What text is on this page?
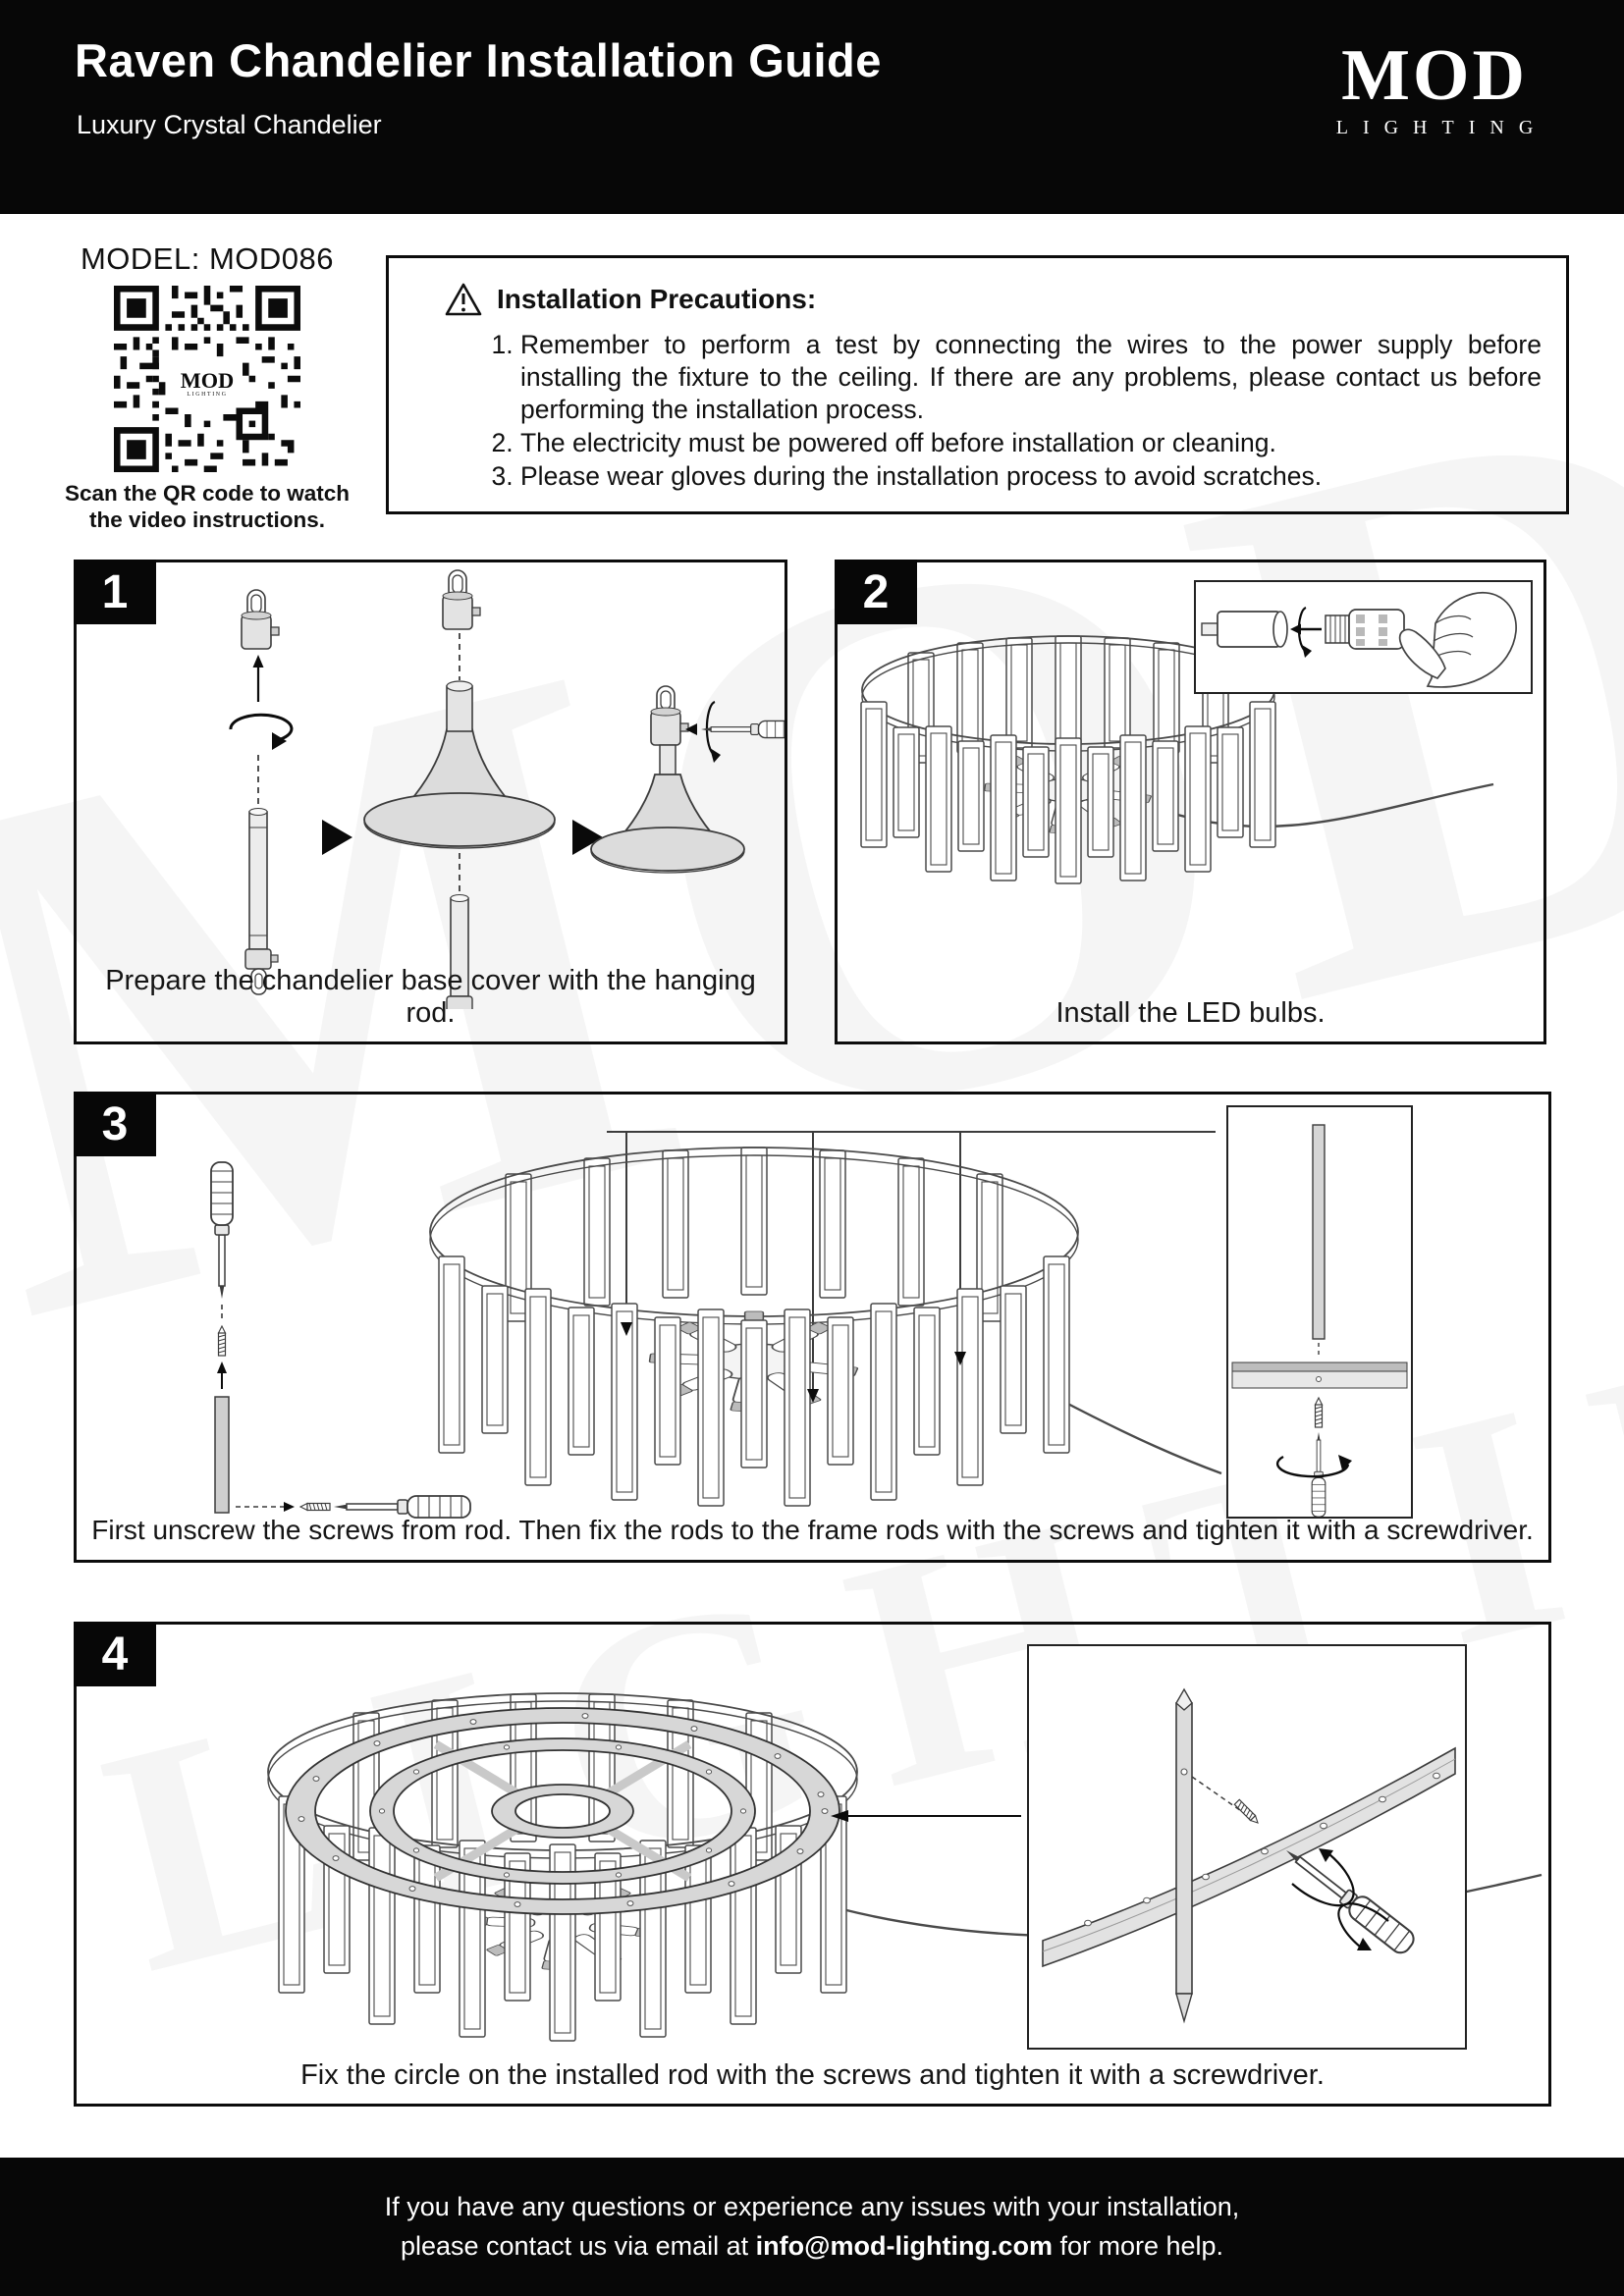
Raven Chandelier Installation Guide
Luxury Crystal Chandelier
MOD
LIGHTING
MODEL: MOD086
MOD
Scan the QR code to watch
the video instructions.
Installation Precautions:
1. Remember to perform a test by connecting the wires to the power supply before installing the fixture to the ceiling. If there are any problems, please contact us before performing the installation process.
2. The electricity must be powered off before installation or cleaning.
3. Please wear gloves during the installation process to avoid scratches.
1
Prepare the chandelier base cover with the hanging rod.
2
Install the LED bulbs.
3
First unscrew the screws from rod. Then fix the rods to the frame rods with the screws and tighten it with a screwdriver.
4
Fix the circle on the installed rod with the screws and tighten it with a screwdriver.
If you have any questions or experience any issues with your installation,
please contact us via email at info@mod-lighting.com for more help.
